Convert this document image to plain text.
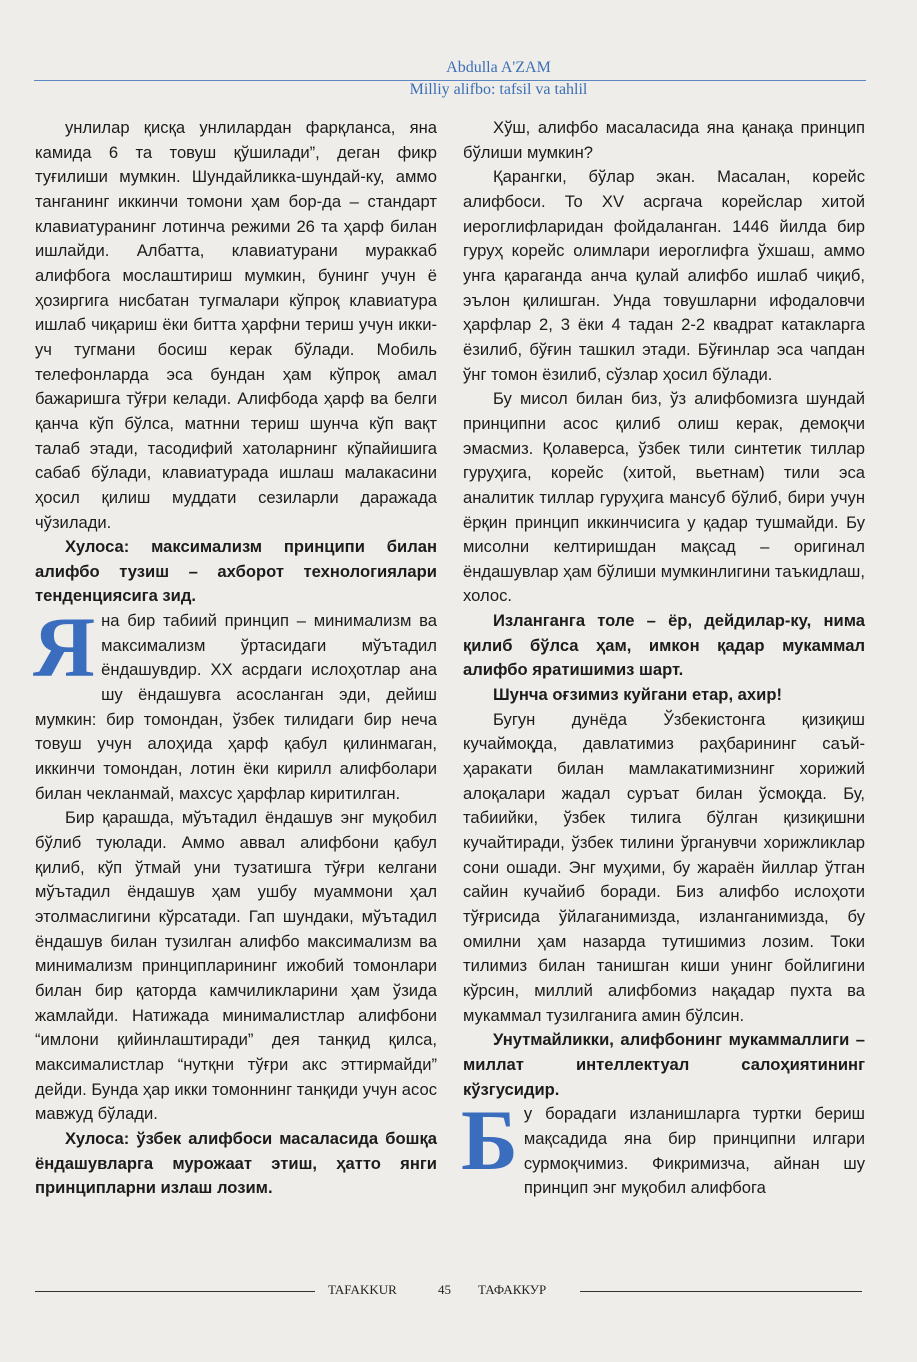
Abdulla A'ZAM
Milliy alifbo: tafsil va tahlil

унлилар қисқа унлилардан фарқланса, яна камида 6 та товуш қўшилади”, деган фикр туғилиши мумкин. Шундайликка-шундай-ку, аммо танганинг иккинчи томони ҳам бор-да – стандарт клавиатуранинг лотинча режими 26 та ҳарф билан ишлайди. Албатта, клавиатурани мураккаб алифбога мослаштириш мумкин, бунинг учун ё ҳозиргига нисбатан тугмалари кўпроқ клавиатура ишлаб чиқариш ёки битта ҳарфни териш учун икки-уч тугмани босиш керак бўлади. Мобиль телефонларда эса бундан ҳам кўпроқ амал бажаришга тўғри келади. Алифбода ҳарф ва белги қанча кўп бўлса, матнни териш шунча кўп вақт талаб этади, тасодифий хатоларнинг кўпайишига сабаб бўлади, клавиатурада ишлаш малакасини ҳосил қилиш муддати сезиларли даражада чўзилади.

Хулоса: максимализм принципи билан алифбо тузиш – ахборот технологиялари тенденциясига зид.

Яна бир табиий принцип – минимализм ва максимализм ўртасидаги мўътадил ёндашувдир. XX асрдаги ислоҳотлар ана шу ёндашувга асосланган эди, дейиш мумкин: бир томондан, ўзбек тилидаги бир неча товуш учун алоҳида ҳарф қабул қилинмаган, иккинчи томондан, лотин ёки кирилл алифболари билан чекланмай, махсус ҳарфлар киритилган.

Бир қарашда, мўътадил ёндашув энг муқобил бўлиб туюлади. Аммо аввал алифбони қабул қилиб, кўп ўтмай уни тузатишга тўғри келгани мўътадил ёндашув ҳам ушбу муаммони ҳал этолмаслигини кўрсатади. Гап шундаки, мўътадил ёндашув билан тузилган алифбо максимализм ва минимализм принципларининг ижобий томонлари билан бир қаторда камчиликларини ҳам ўзида жамлайди. Натижада минималистлар алифбони “имлони қийинлаштиради” дея танқид қилса, максималистлар “нутқни тўғри акс эттирмайди” дейди. Бунда ҳар икки томоннинг танқиди учун асос мавжуд бўлади.

Хулоса: ўзбек алифбоси масаласида бошқа ёндашувларга мурожаат этиш, ҳатто янги принципларни излаш лозим.

Хўш, алифбо масаласида яна қанақа принцип бўлиши мумкин?

Қарангки, бўлар экан. Масалан, корейс алифбоси. То XV асргача корейслар хитой иероглифларидан фойдаланган. 1446 йилда бир гуруҳ корейс олимлари иероглифга ўхшаш, аммо унга қараганда анча қулай алифбо ишлаб чиқиб, эълон қилишган. Унда товушларни ифодаловчи ҳарфлар 2, 3 ёки 4 тадан 2-2 квадрат катакларга ёзилиб, бўғин ташкил этади. Бўғинлар эса чапдан ўнг томон ёзилиб, сўзлар ҳосил бўлади.

Бу мисол билан биз, ўз алифбомизга шундай принципни асос қилиб олиш керак, демоқчи эмасмиз. Қолаверса, ўзбек тили синтетик тиллар гуруҳига, корейс (хитой, вьетнам) тили эса аналитик тиллар гуруҳига мансуб бўлиб, бири учун ёрқин принцип иккинчисига у қадар тушмайди. Бу мисолни келтиришдан мақсад – оригинал ёндашувлар ҳам бўлиши мумкинлигини таъкидлаш, холос.

Изланганга толе – ёр, дейдилар-ку, нима қилиб бўлса ҳам, имкон қадар мукаммал алифбо яратишимиз шарт.

Шунча оғзимиз куйгани етар, ахир!

Бугун дунёда Ўзбекистонга қизиқиш кучаймоқда, давлатимиз раҳбарининг саъй-ҳаракати билан мамлакатимизнинг хорижий алоқалари жадал суръат билан ўсмоқда. Бу, табиийки, ўзбек тилига бўлган қизиқишни кучайтиради, ўзбек тилини ўрганувчи хорижликлар сони ошади. Энг муҳими, бу жараён йиллар ўтган сайин кучайиб боради. Биз алифбо ислоҳоти тўғрисида ўйлаганимизда, изланганимизда, бу омилни ҳам назарда тутишимиз лозим. Токи тилимиз билан танишган киши унинг бойлигини кўрсин, миллий алифбомиз нақадар пухта ва мукаммал тузилганига амин бўлсин.

Унутмайликки, алифбонинг мукаммаллиги – миллат интеллектуал салоҳиятининг кўзгусидир.

Бу борадаги изланишларга туртки бериш мақсадида яна бир принципни илгари сурмоқчимиз. Фикримизча, айнан шу принцип энг муқобил алифбога

TAFAKKUR	45 ТАФАККУР
